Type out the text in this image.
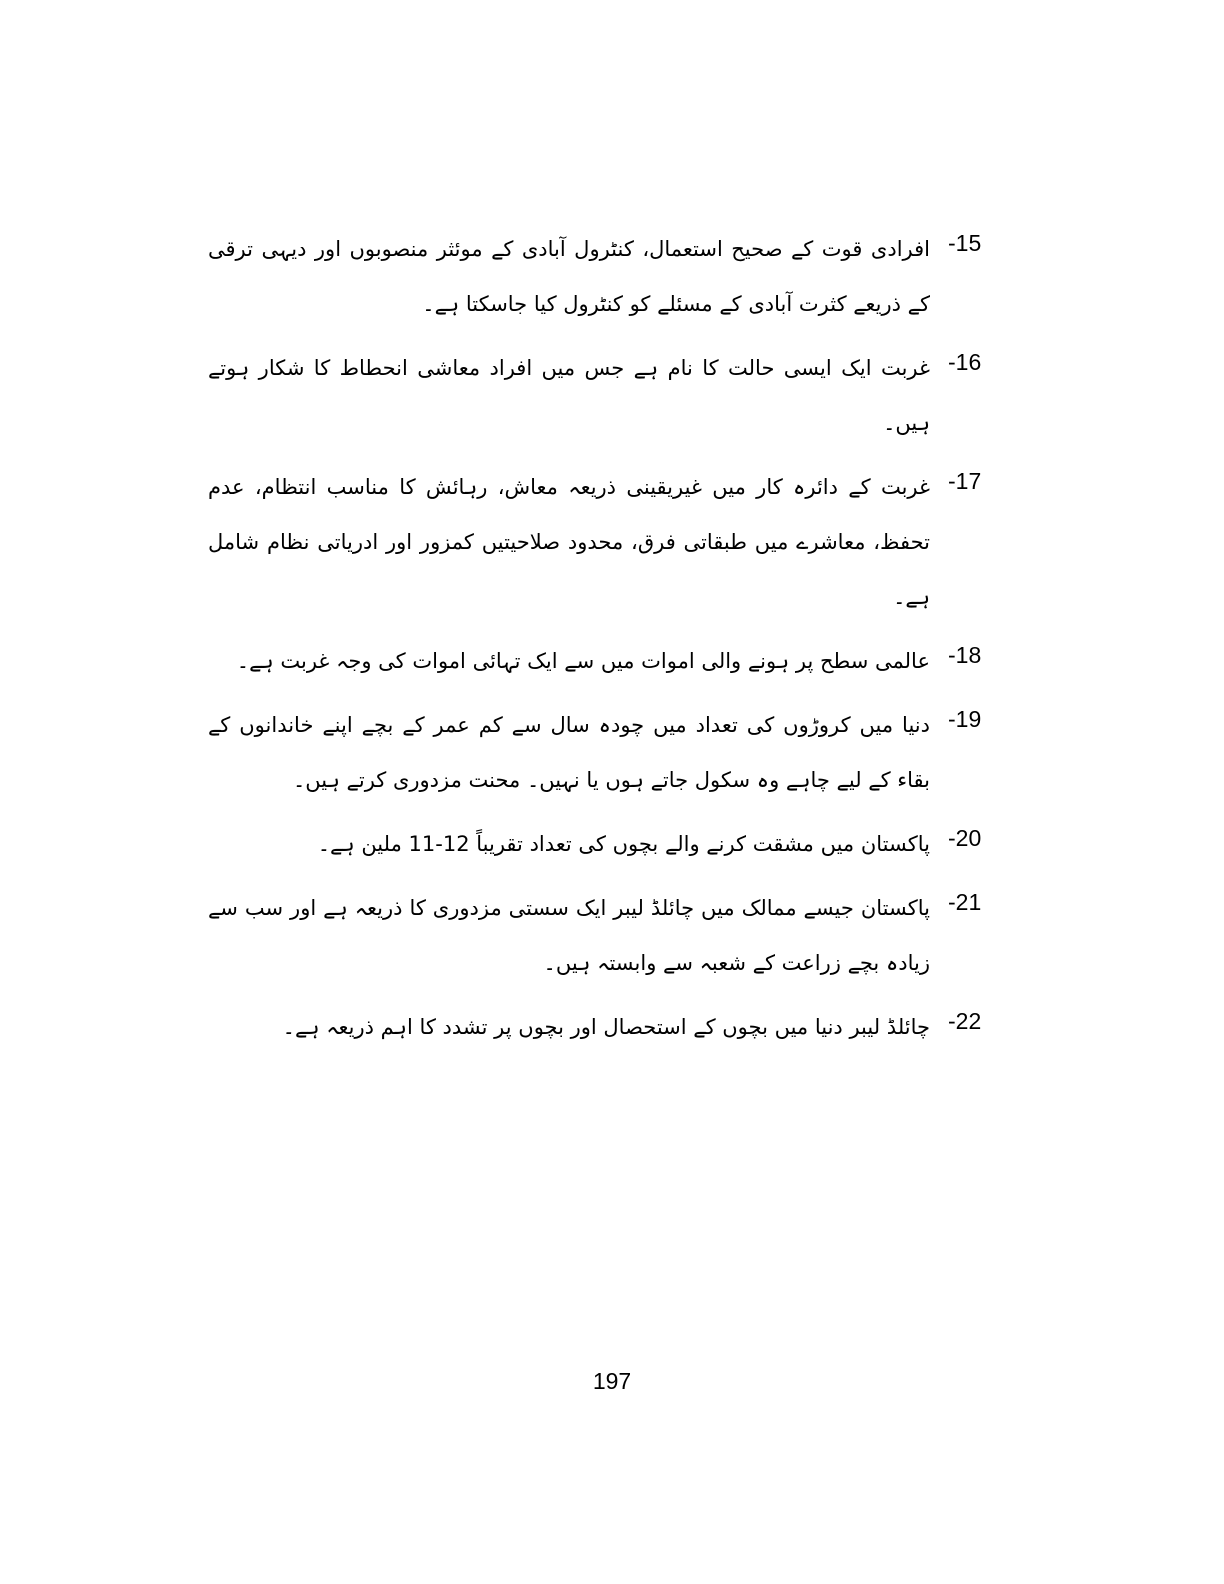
-15
افرادی قوت کے صحیح استعمال، کنٹرول آبادی کے موئثر منصوبوں اور دیہی ترقی کے ذریعے کثرت آبادی کے مسئلے کو کنٹرول کیا جاسکتا ہے۔
-16
غربت ایک ایسی حالت کا نام ہے جس میں افراد معاشی انحطاط کا شکار ہوتے ہیں۔
-17
غربت کے دائرہ کار میں غیریقینی ذریعہ معاش، رہائش کا مناسب انتظام، عدم تحفظ، معاشرے میں طبقاتی فرق، محدود صلاحیتیں کمزور اور ادریاتی نظام شامل ہے۔
-18
عالمی سطح پر ہونے والی اموات میں سے ایک تہائی اموات کی وجہ غربت ہے۔
-19
دنیا میں کروڑوں کی تعداد میں چودہ سال سے کم عمر کے بچے اپنے خاندانوں کے بقاء کے لیے چاہے وہ سکول جاتے ہوں یا نہیں۔ محنت مزدوری کرتے ہیں۔
-20
پاکستان میں مشقت کرنے والے بچوں کی تعداد تقریباً 12-11 ملین ہے۔
-21
پاکستان جیسے ممالک میں چائلڈ لیبر ایک سستی مزدوری کا ذریعہ ہے اور سب سے زیادہ بچے زراعت کے شعبہ سے وابستہ ہیں۔
-22
چائلڈ لیبر دنیا میں بچوں کے استحصال اور بچوں پر تشدد کا اہم ذریعہ ہے۔
197
